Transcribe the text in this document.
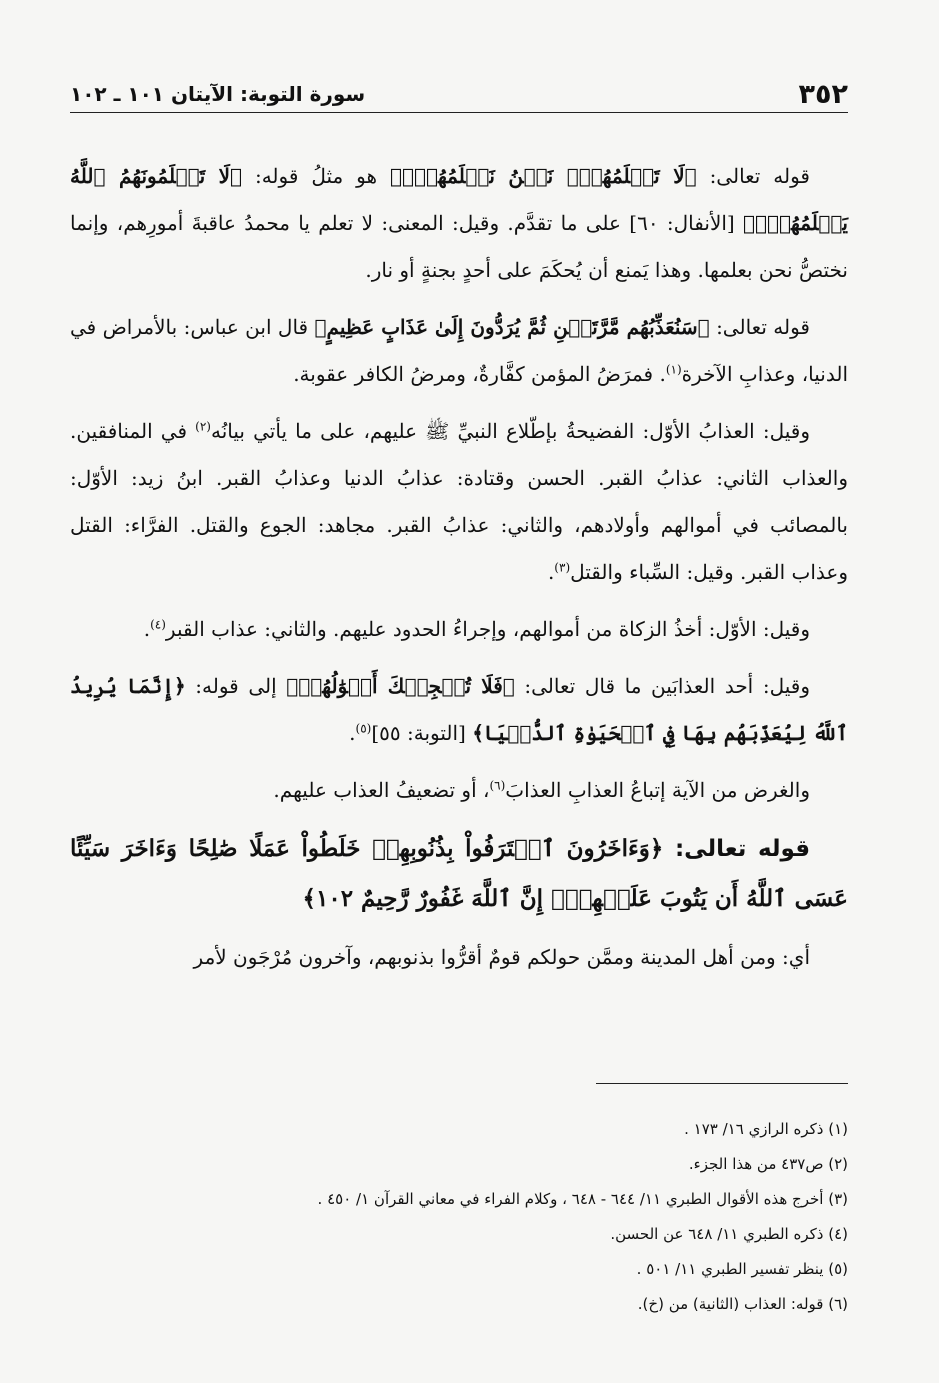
٣٥٢
سورة التوبة: الآيتان ١٠١ ـ ١٠٢

قوله تعالى: ﴿لَا تَعۡلَمُهُمۡۖ نَحۡنُ نَعۡلَمُهُمۡۚ﴾ هو مثلُ قوله: ﴿لَا تَعۡلَمُونَهُمُ ٱللَّهُ يَعۡلَمُهُمۡۚ﴾ [الأنفال: ٦٠] على ما تقدَّم. وقيل: المعنى: لا تعلم يا محمدُ عاقبةَ أمورِهم، وإنما نختصُّ نحن بعلمها. وهذا يَمنع أن يُحكَمَ على أحدٍ بجنةٍ أو نار.

قوله تعالى: ﴿سَنُعَذِّبُهُم مَّرَّتَيۡنِ ثُمَّ يُرَدُّونَ إِلَىٰ عَذَابٍ عَظِيمٍ﴾ قال ابن عباس: بالأمراض في الدنيا، وعذابِ الآخرة$^{(١)}$. فمرَضُ المؤمن كفَّارةٌ، ومرضُ الكافر عقوبة.

وقيل: العذابُ الأوّل: الفضيحةُ بإطّلاع النبيِّ ﷺ عليهم، على ما يأتي بيانُه$^{(٢)}$ في المنافقين. والعذاب الثاني: عذابُ القبر. الحسن وقتادة: عذابُ الدنيا وعذابُ القبر. ابنُ زيد: الأوّل: بالمصائب في أموالهم وأولادهم، والثاني: عذابُ القبر. مجاهد: الجوع والقتل. الفرَّاء: القتل وعذاب القبر. وقيل: السِّباء والقتل$^{(٣)}$.

وقيل: الأوّل: أخذُ الزكاة من أموالهم، وإجراءُ الحدود عليهم. والثاني: عذاب القبر$^{(٤)}$.

وقيل: أحد العذابَين ما قال تعالى: ﴿فَلَا تُعۡجِبۡكَ أَمۡوَٰلُهُمۡ﴾ إلى قوله: ﴿إِنَّمَا يُرِيدُ ٱللَّهُ لِيُعَذِّبَهُم بِهَا فِي ٱلۡحَيَوٰةِ ٱلدُّنۡيَا﴾ [التوبة: ٥٥]$^{(٥)}$.

والغرض من الآية إتباعُ العذابِ العذابَ$^{(٦)}$، أو تضعيفُ العذاب عليهم.

قوله تعالى: ﴿وَءَاخَرُونَ ٱعۡتَرَفُواْ بِذُنُوبِهِمۡ خَلَطُواْ عَمَلًا صَٰلِحًا وَءَاخَرَ سَيِّئًا عَسَى ٱللَّهُ أَن يَتُوبَ عَلَيۡهِمۡۚ إِنَّ ٱللَّهَ غَفُورٌ رَّحِيمٌ ١٠٢﴾

أي: ومن أهل المدينة وممَّن حولكم قومٌ أقرُّوا بذنوبهم، وآخرون مُرْجَون لأمر

(١) ذكره الرازي ١٦/ ١٧٣ .
(٢) ص٤٣٧ من هذا الجزء.
(٣) أخرج هذه الأقوال الطبري ١١/ ٦٤٤ - ٦٤٨ ، وكلام الفراء في معاني القرآن ١/ ٤٥٠ .
(٤) ذكره الطبري ١١/ ٦٤٨ عن الحسن.
(٥) ينظر تفسير الطبري ١١/ ٥٠١ .
(٦) قوله: العذاب (الثانية) من (خ).
